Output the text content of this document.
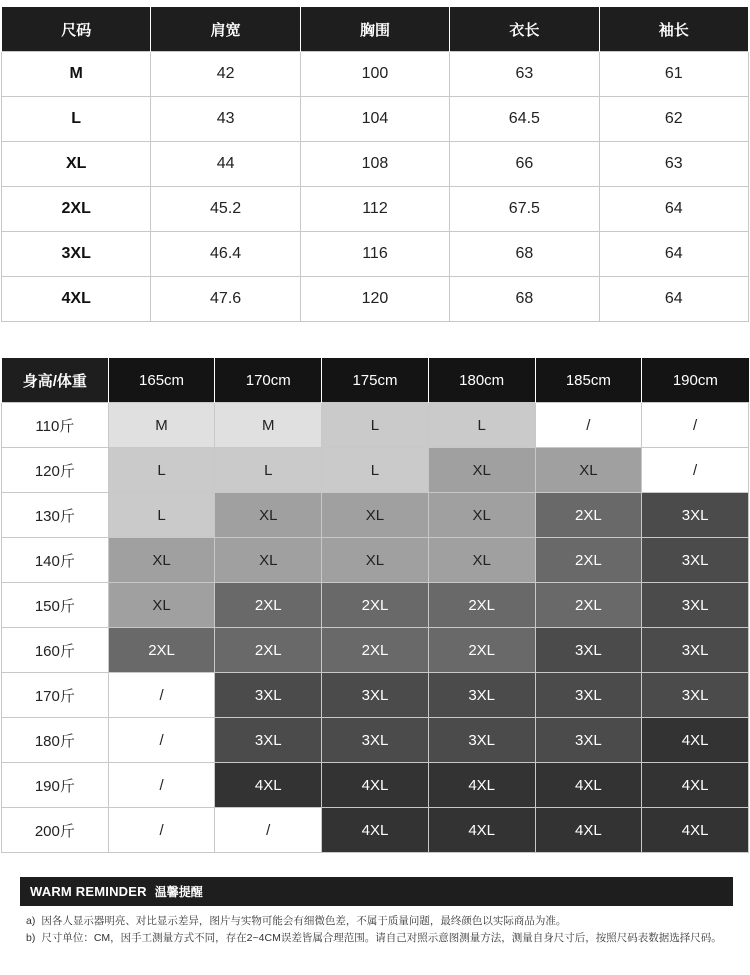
尺码	肩宽	胸围	衣长	袖长
M	42	100	63	61
L	43	104	64.5	62
XL	44	108	66	63
2XL	45.2	112	67.5	64
3XL	46.4	116	68	64
4XL	47.6	120	68	64
身高/体重	165cm	170cm	175cm	180cm	185cm	190cm
110斤	M	M	L	L	/	/
120斤	L	L	L	XL	XL	/
130斤	L	XL	XL	XL	2XL	3XL
140斤	XL	XL	XL	XL	2XL	3XL
150斤	XL	2XL	2XL	2XL	2XL	3XL
160斤	2XL	2XL	2XL	2XL	3XL	3XL
170斤	/	3XL	3XL	3XL	3XL	3XL
180斤	/	3XL	3XL	3XL	3XL	4XL
190斤	/	4XL	4XL	4XL	4XL	4XL
200斤	/	/	4XL	4XL	4XL	4XL
WARM REMINDER 温馨提醒
a) 因各人显示器明亮、对比显示差异，图片与实物可能会有细微色差，不属于质量问题，最终颜色以实际商品为准。
b) 尺寸单位：CM，因手工测量方式不同，存在2~4CM误差皆属合理范围。请自己对照示意图测量方法，测量自身尺寸后，按照尺码表数据选择尺码。
